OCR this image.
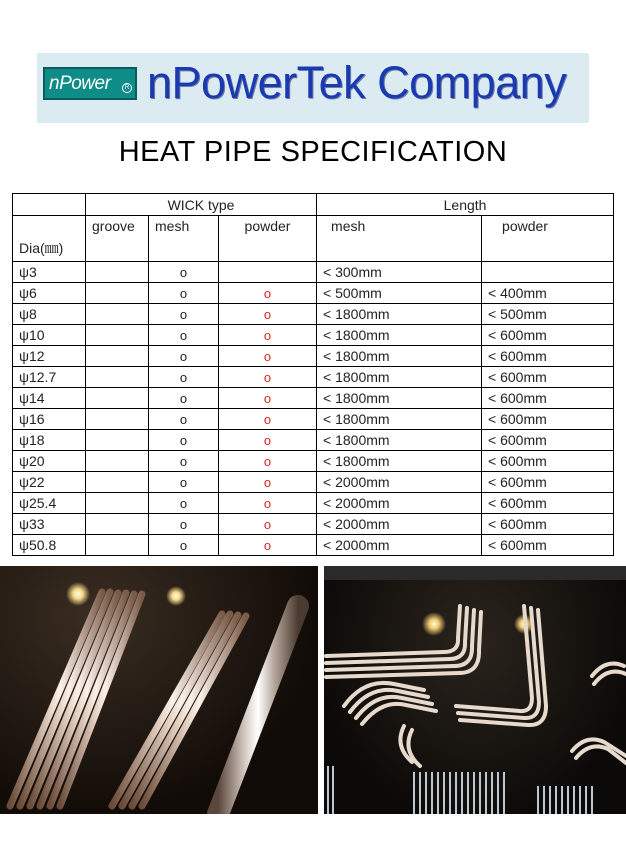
nPower	R nPowerTek Company
HEAT PIPE SPECIFICATION
	WICK type			Length	
Dia(㎜)	groove	mesh	powder	mesh	powder
ψ3		o		< 300mm	
ψ6		o	o	< 500mm	< 400mm
ψ8		o	o	< 1800mm	< 500mm
ψ10		o	o	< 1800mm	< 600mm
ψ12		o	o	< 1800mm	< 600mm
ψ12.7		o	o	< 1800mm	< 600mm
ψ14		o	o	< 1800mm	< 600mm
ψ16		o	o	< 1800mm	< 600mm
ψ18		o	o	< 1800mm	< 600mm
ψ20		o	o	< 1800mm	< 600mm
ψ22		o	o	< 2000mm	< 600mm
ψ25.4		o	o	< 2000mm	< 600mm
ψ33		o	o	< 2000mm	< 600mm
ψ50.8		o	o	< 2000mm	< 600mm
